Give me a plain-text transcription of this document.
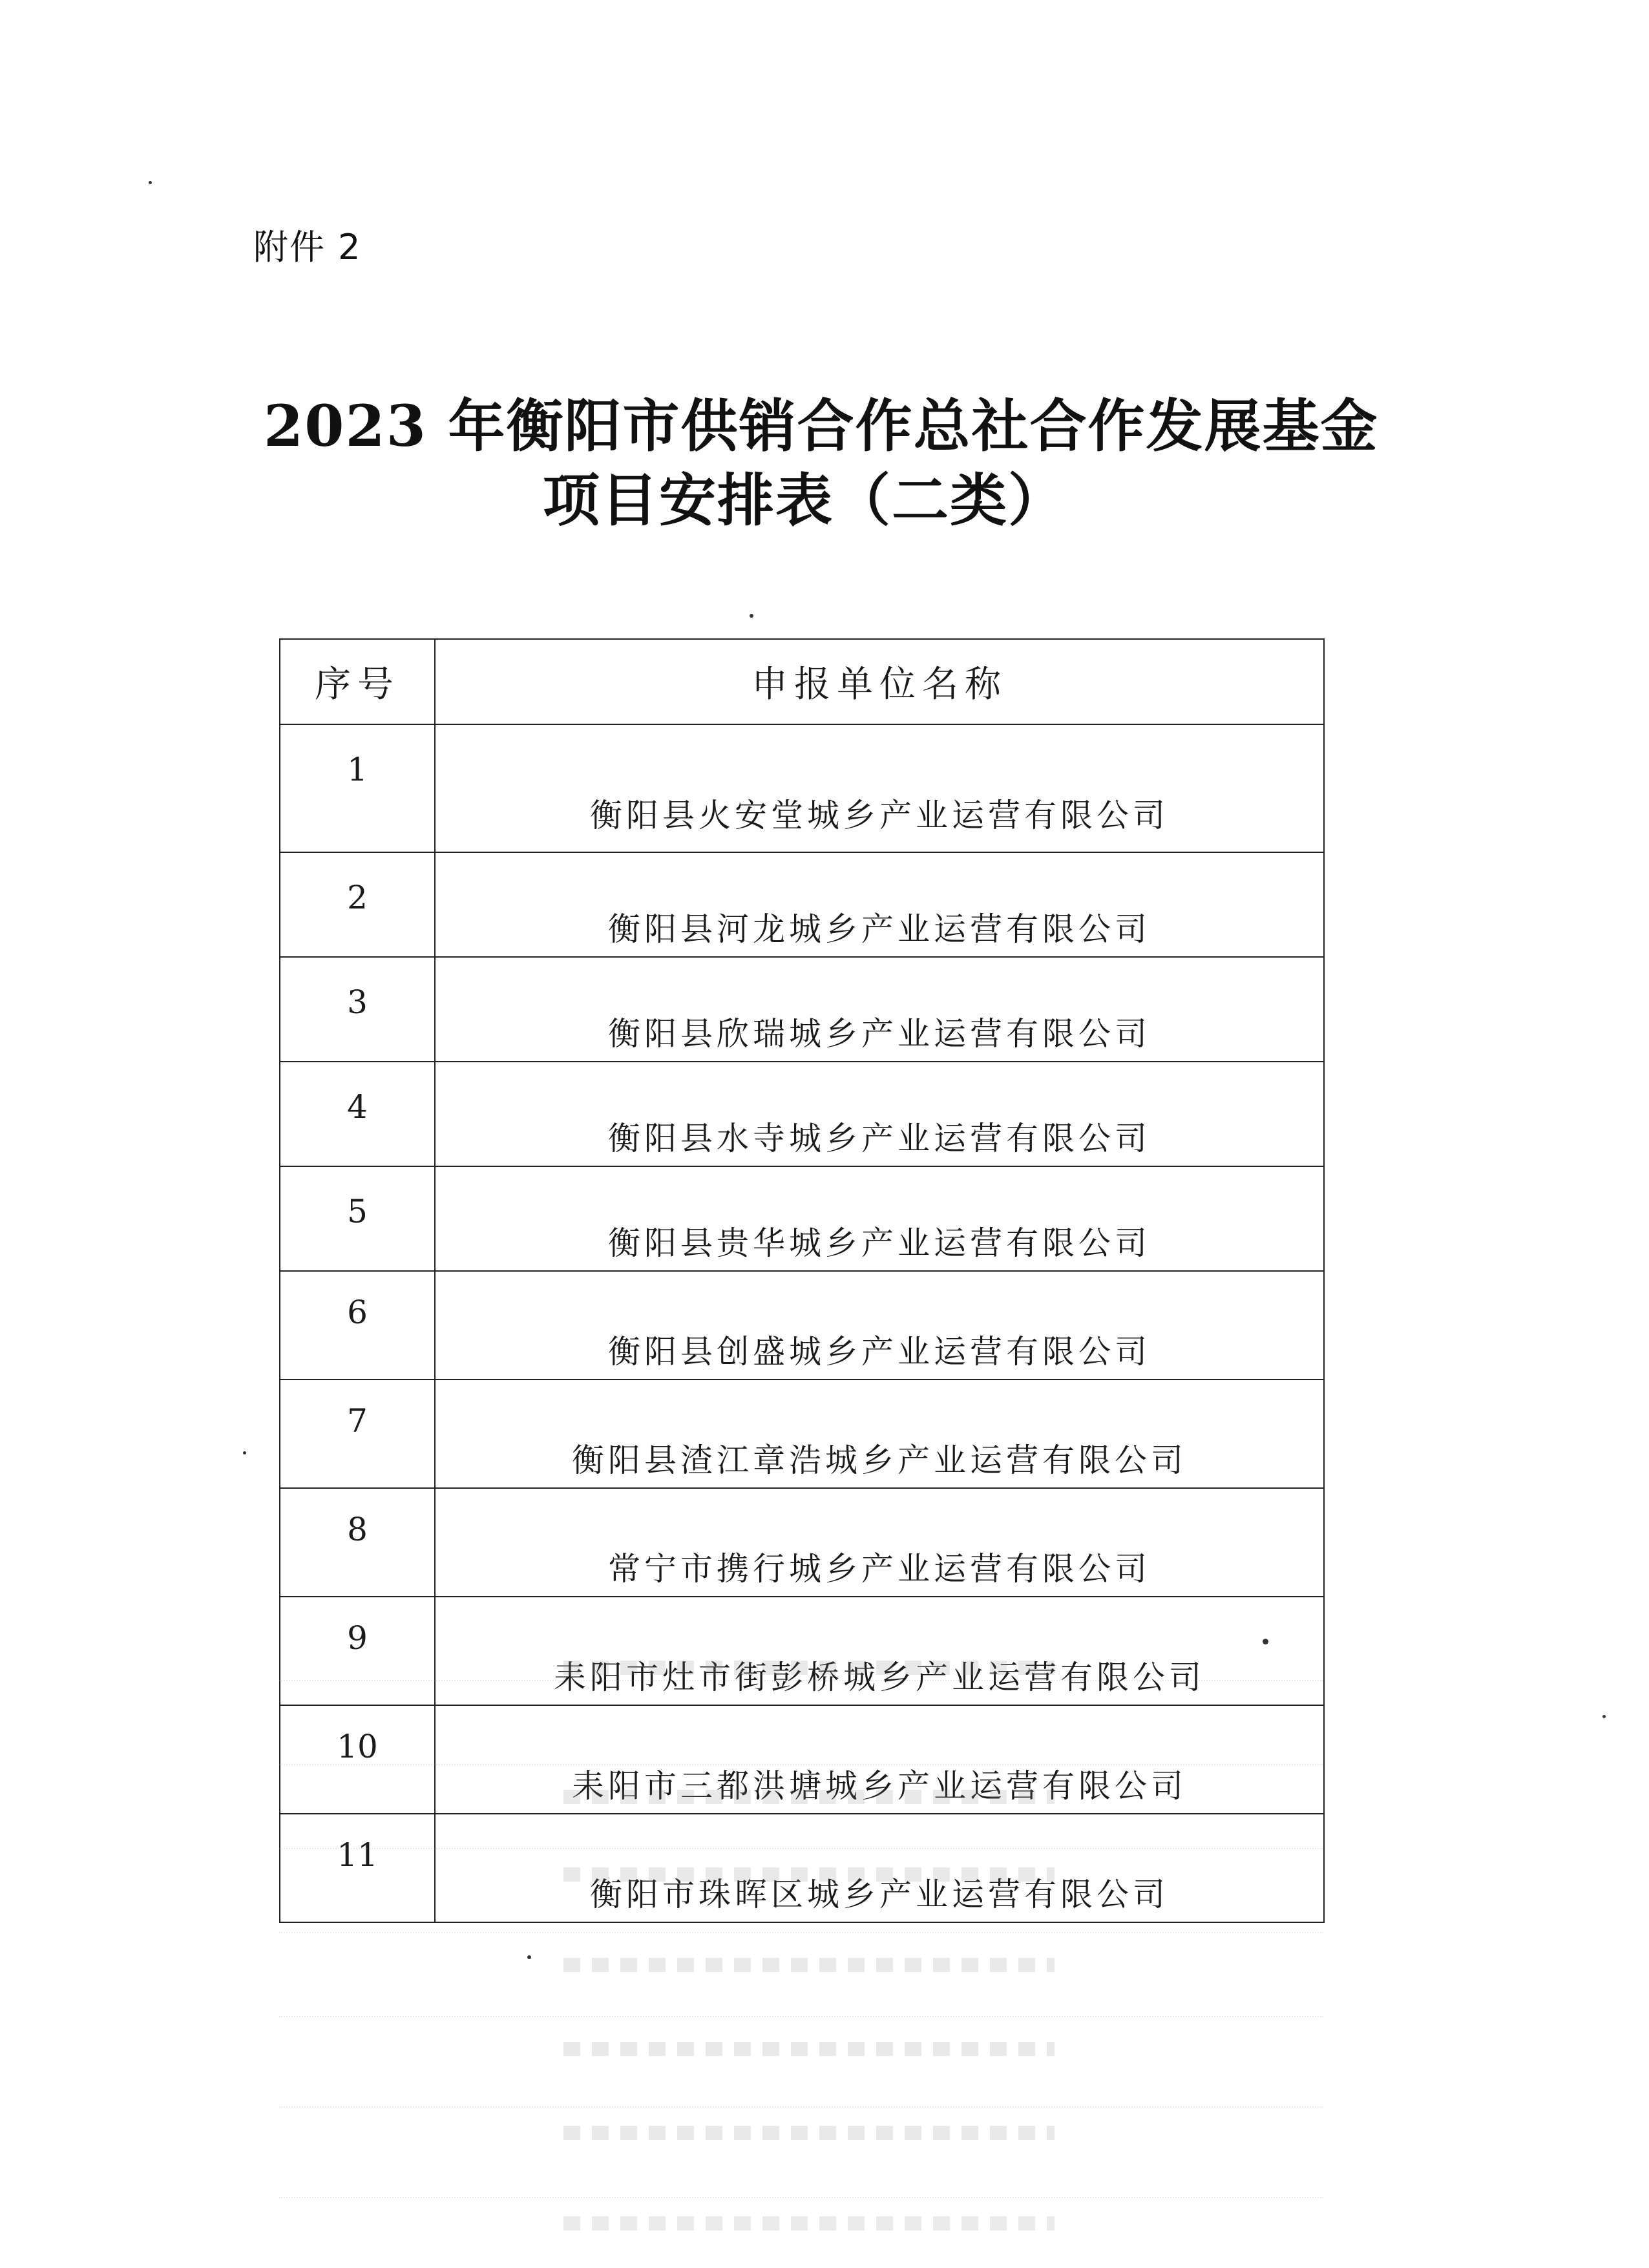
附件 2
2023 年衡阳市供销合作总社合作发展基金
项目安排表（二类）
序号	申报单位名称
1	衡阳县火安堂城乡产业运营有限公司
2	衡阳县河龙城乡产业运营有限公司
3	衡阳县欣瑞城乡产业运营有限公司
4	衡阳县水寺城乡产业运营有限公司
5	衡阳县贵华城乡产业运营有限公司
6	衡阳县创盛城乡产业运营有限公司
7	衡阳县渣江章浩城乡产业运营有限公司
8	常宁市携行城乡产业运营有限公司
9	耒阳市灶市街彭桥城乡产业运营有限公司
10	耒阳市三都洪塘城乡产业运营有限公司
11	衡阳市珠晖区城乡产业运营有限公司
